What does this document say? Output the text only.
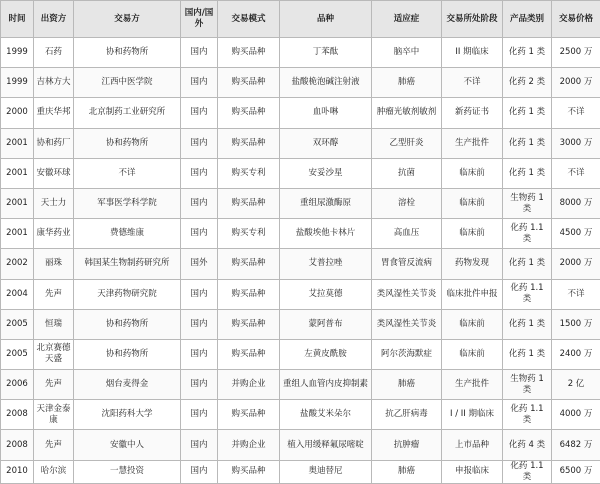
时间	出资方	交易方	国内/国外	交易模式	品种	适应症	交易所处阶段	产品类别	交易价格
1999	石药	协和药物所	国内	购买品种	丁苯酞	脑卒中	II 期临床	化药 1 类	2500 万
1999	吉林方大	江西中医学院	国内	购买品种	盐酸桅泡碱注射液	肺癌	不详	化药 2 类	2000 万
2000	重庆华邦	北京制药工业研究所	国内	购买品种	血卟啉	肿瘤光敏剂敏剂	新药证书	化药 1 类	不详
2001	协和药厂	协和药物所	国内	购买品种	双环醇	乙型肝炎	生产批件	化药 1 类	3000 万
2001	安徽环球	不详	国内	购买专利	安妥沙星	抗菌	临床前	化药 1 类	不详
2001	天士力	军事医学科学院	国内	购买品种	重组尿激酶原	溶栓	临床前	生物药 1 类	8000 万
2001	康华药业	费德维康	国内	购买专利	盐酸埃他卡林片	高血压	临床前	化药 1.1 类	4500 万
2002	丽珠	韩国某生物制药研究所	国外	购买品种	艾普拉唑	胃食管反流病	药物发现	化药 1 类	2000 万
2004	先声	天津药物研究院	国内	购买品种	艾拉莫德	类风湿性关节炎	临床批件申报	化药 1.1 类	不详
2005	恒瑞	协和药物所	国内	购买品种	蒙阿普布	类风湿性关节炎	临床前	化药 1 类	1500 万
2005	北京赛德天盛	协和药物所	国内	购买品种	左黄皮酰胺	阿尔茨海默症	临床前	化药 1 类	2400 万
2006	先声	烟台麦得金	国内	并购企业	重组人血管内皮抑制素	肺癌	生产批件	生物药 1 类	2 亿
2008	天津金泰康	沈阳药科大学	国内	购买品种	盐酸艾米朵尔	抗乙肝病毒	I / II 期临床	化药 1.1 类	4000 万
2008	先声	安徽中人	国内	并购企业	植入用缓释氟尿嘧啶	抗肿瘤	上市品种	化药 4 类	6482 万
2010	哈尔滨	一慧投资	国内	购买品种	奥迪替尼	肺癌	申报临床	化药 1.1 类	6500 万
